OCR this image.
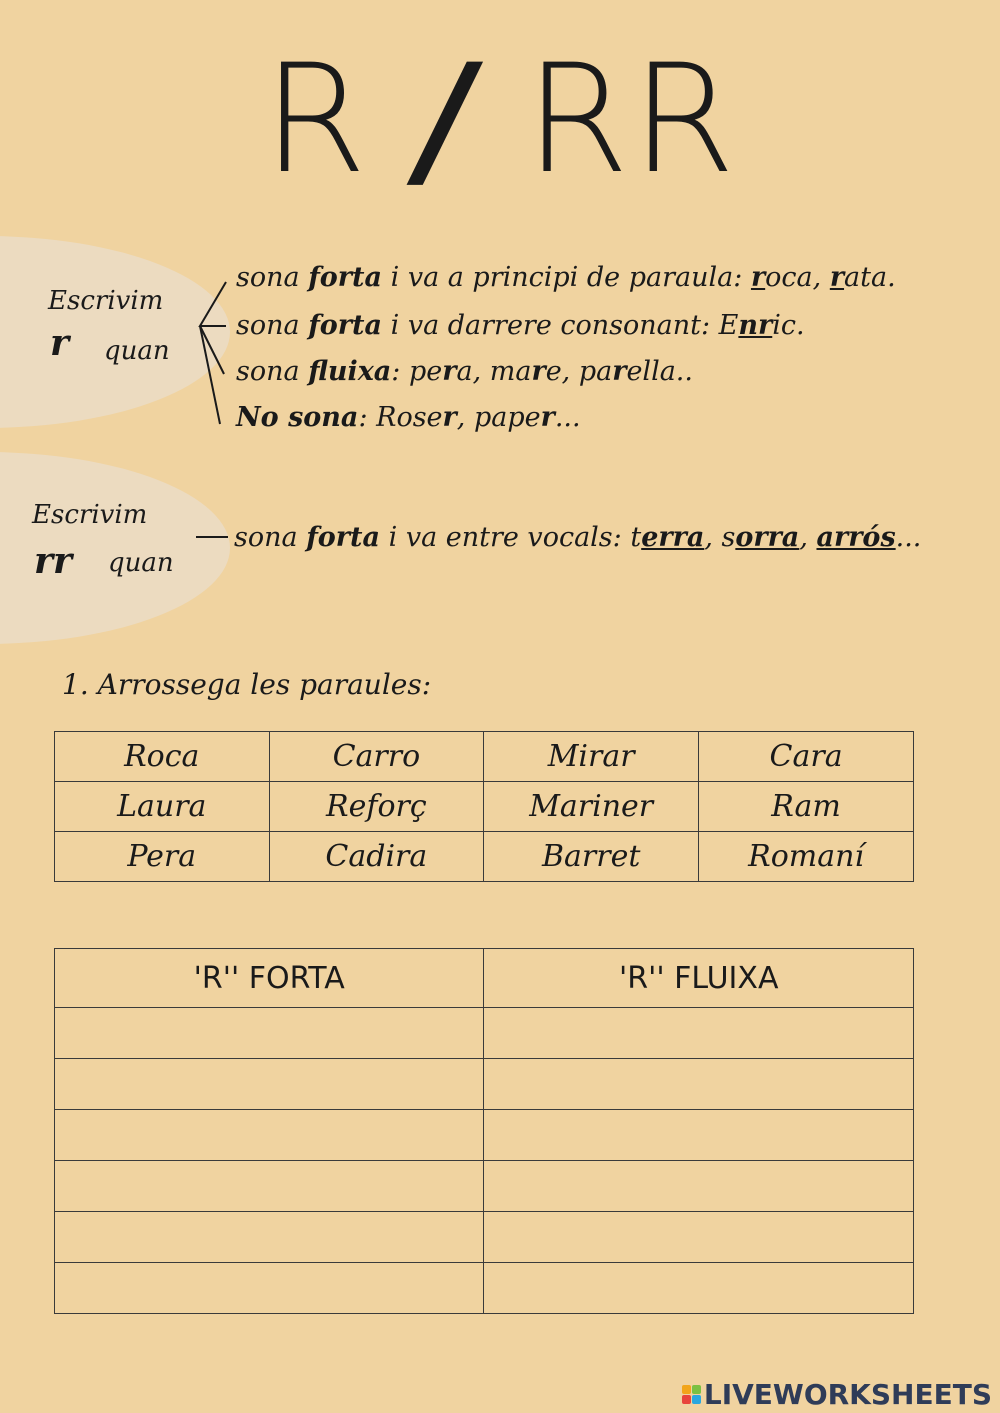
R / RR
Escrivim
r quan
sona forta i va a principi de paraula: roca, rata.
sona forta i va darrere consonant: Enric.
sona fluixa: pera, mare, parella..
No sona: Roser, paper...
Escrivim
rr quan
sona forta i va entre vocals: terra, sorra, arrós...
1. Arrossega les paraules:
Roca	Carro	Mirar	Cara
Laura	Reforç	Mariner	Ram
Pera	Cadira	Barret	Romaní
'R'' FORTA	'R'' FLUIXA

LIVEWORKSHEETS
